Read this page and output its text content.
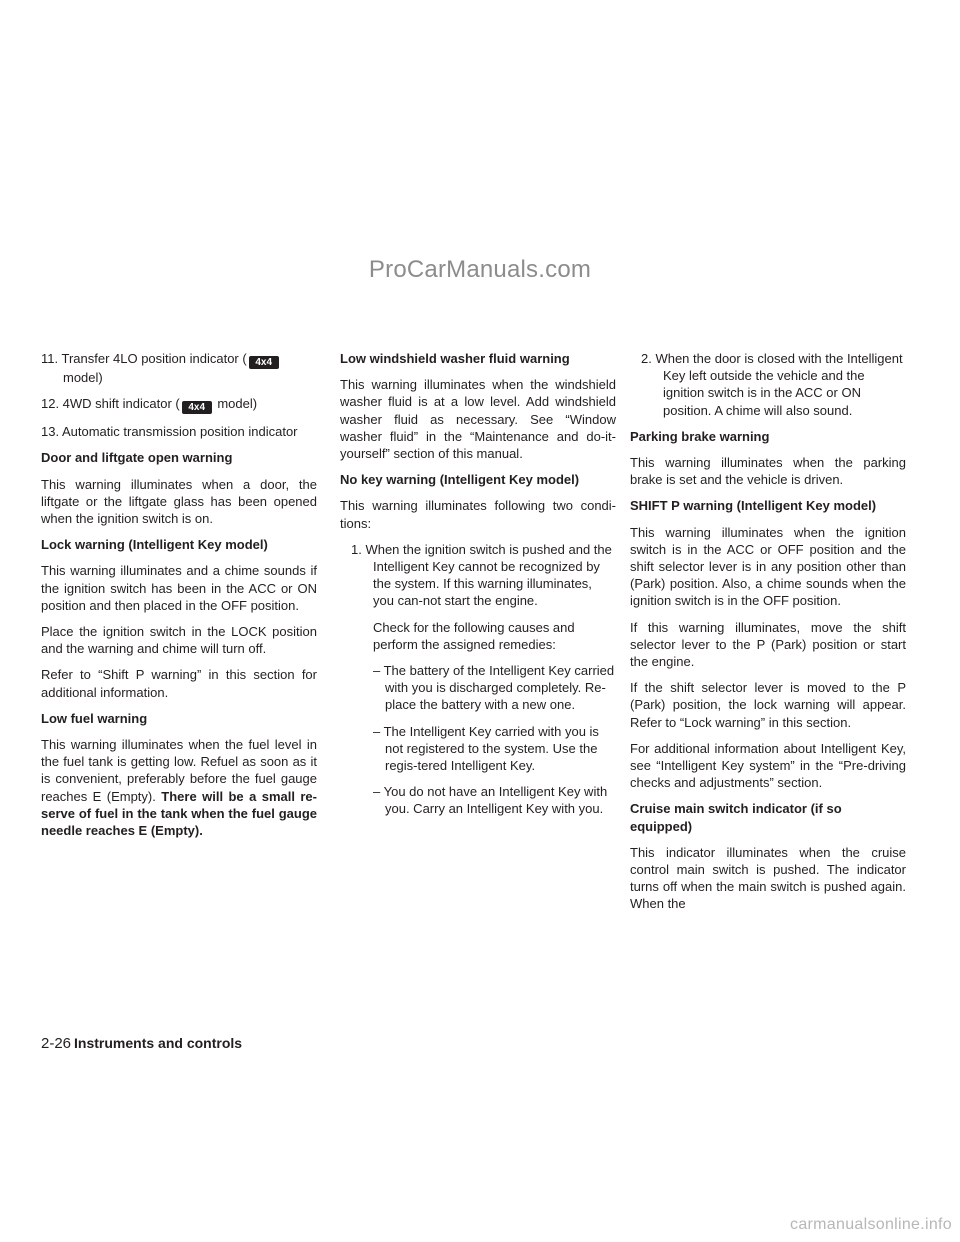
ProCarManuals.com

11. Transfer 4LO position indicator ( 4x4
model)

12. 4WD shift indicator ( 4x4 model)

13. Automatic transmission position indicator

Door and liftgate open warning

This warning illuminates when a door, the liftgate or the liftgate glass has been opened when the ignition switch is on.

Lock warning (Intelligent Key model)

This warning illuminates and a chime sounds if the ignition switch has been in the ACC or ON position and then placed in the OFF position.

Place the ignition switch in the LOCK position and the warning and chime will turn off.

Refer to “Shift P warning” in this section for additional information.

Low fuel warning

This warning illuminates when the fuel level in the fuel tank is getting low. Refuel as soon as it is convenient, preferably before the fuel gauge reaches E (Empty). There will be a small re-serve of fuel in the tank when the fuel gauge needle reaches E (Empty).

Low windshield washer fluid warning

This warning illuminates when the windshield washer fluid is at a low level. Add windshield washer fluid as necessary. See “Window washer fluid” in the “Maintenance and do-it-yourself” section of this manual.

No key warning (Intelligent Key model)

This warning illuminates following two condi-tions:

1. When the ignition switch is pushed and the Intelligent Key cannot be recognized by the system. If this warning illuminates, you can-not start the engine.

Check for the following causes and perform the assigned remedies:

– The battery of the Intelligent Key carried with you is discharged completely. Re-place the battery with a new one.

– The Intelligent Key carried with you is not registered to the system. Use the regis-tered Intelligent Key.

– You do not have an Intelligent Key with you. Carry an Intelligent Key with you.

2. When the door is closed with the Intelligent Key left outside the vehicle and the ignition switch is in the ACC or ON position. A chime will also sound.

Parking brake warning

This warning illuminates when the parking brake is set and the vehicle is driven.

SHIFT P warning (Intelligent Key model)

This warning illuminates when the ignition switch is in the ACC or OFF position and the shift selector lever is in any position other than (Park) position. Also, a chime sounds when the ignition switch is in the OFF position.

If this warning illuminates, move the shift selector lever to the P (Park) position or start the engine.

If the shift selector lever is moved to the P (Park) position, the lock warning will appear. Refer to “Lock warning” in this section.

For additional information about Intelligent Key, see “Intelligent Key system” in the “Pre-driving checks and adjustments” section.

Cruise main switch indicator (if so equipped)

This indicator illuminates when the cruise control main switch is pushed. The indicator turns off when the main switch is pushed again. When the

2-26 Instruments and controls
carmanualsonline.info
